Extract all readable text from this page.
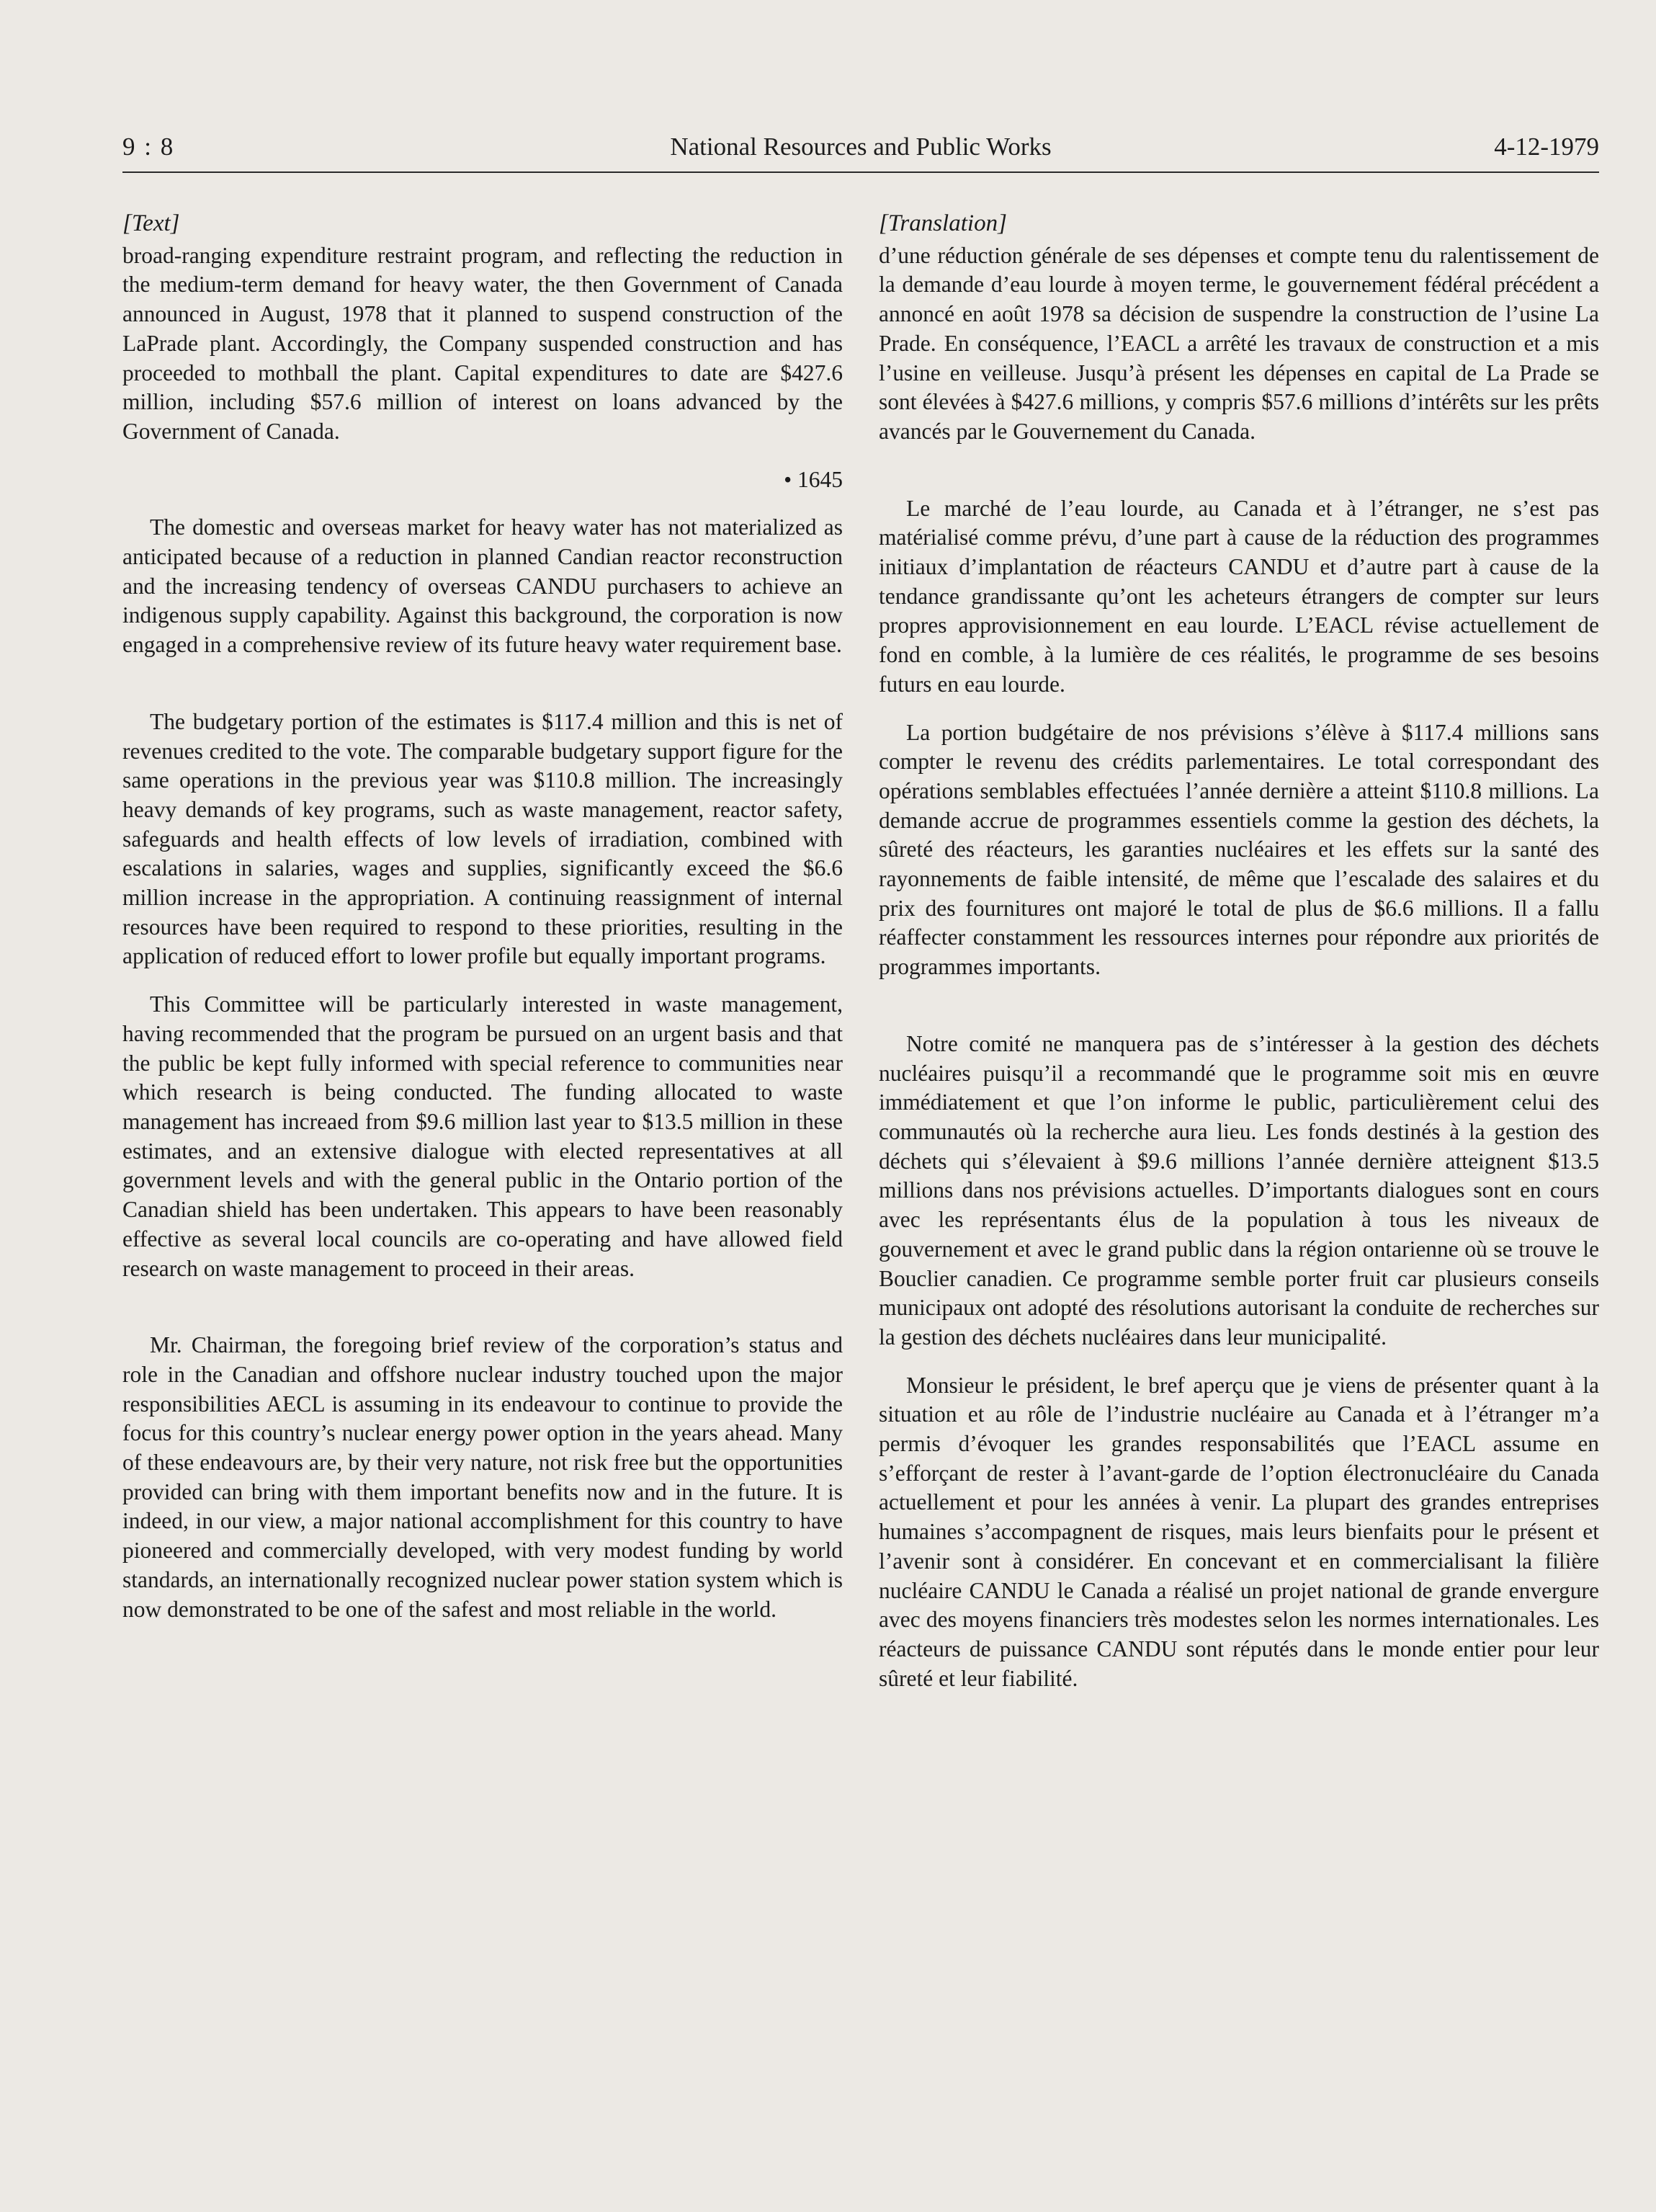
9 : 8	National Resources and Public Works	4-12-1979
[Text]

broad-ranging expenditure restraint program, and reflecting the reduction in the medium-term demand for heavy water, the then Government of Canada announced in August, 1978 that it planned to suspend construction of the LaPrade plant. Accordingly, the Company suspended construction and has proceeded to mothball the plant. Capital expenditures to date are $427.6 million, including $57.6 million of interest on loans advanced by the Government of Canada.

• 1645

The domestic and overseas market for heavy water has not materialized as anticipated because of a reduction in planned Candian reactor reconstruction and the increasing tendency of overseas CANDU purchasers to achieve an indigenous supply capability. Against this background, the corporation is now engaged in a comprehensive review of its future heavy water requirement base.

The budgetary portion of the estimates is $117.4 million and this is net of revenues credited to the vote. The comparable budgetary support figure for the same operations in the previous year was $110.8 million. The increasingly heavy demands of key programs, such as waste management, reactor safety, safeguards and health effects of low levels of irradiation, combined with escalations in salaries, wages and supplies, significantly exceed the $6.6 million increase in the appropriation. A continuing reassignment of internal resources have been required to respond to these priorities, resulting in the application of reduced effort to lower profile but equally important programs.

This Committee will be particularly interested in waste management, having recommended that the program be pursued on an urgent basis and that the public be kept fully informed with special reference to communities near which research is being conducted. The funding allocated to waste management has increaed from $9.6 million last year to $13.5 million in these estimates, and an extensive dialogue with elected representatives at all government levels and with the general public in the Ontario portion of the Canadian shield has been undertaken. This appears to have been reasonably effective as several local councils are co-operating and have allowed field research on waste management to proceed in their areas.

Mr. Chairman, the foregoing brief review of the corporation’s status and role in the Canadian and offshore nuclear industry touched upon the major responsibilities AECL is assuming in its endeavour to continue to provide the focus for this country’s nuclear energy power option in the years ahead. Many of these endeavours are, by their very nature, not risk free but the opportunities provided can bring with them important benefits now and in the future. It is indeed, in our view, a major national accomplishment for this country to have pioneered and commercially developed, with very modest funding by world standards, an internationally recognized nuclear power station system which is now demonstrated to be one of the safest and most reliable in the world.

[Translation]

d’une réduction générale de ses dépenses et compte tenu du ralentissement de la demande d’eau lourde à moyen terme, le gouvernement fédéral précédent a annoncé en août 1978 sa décision de suspendre la construction de l’usine La Prade. En conséquence, l’EACL a arrêté les travaux de construction et a mis l’usine en veilleuse. Jusqu’à présent les dépenses en capital de La Prade se sont élevées à $427.6 millions, y compris $57.6 millions d’intérêts sur les prêts avancés par le Gouvernement du Canada.

Le marché de l’eau lourde, au Canada et à l’étranger, ne s’est pas matérialisé comme prévu, d’une part à cause de la réduction des programmes initiaux d’implantation de réacteurs CANDU et d’autre part à cause de la tendance grandissante qu’ont les acheteurs étrangers de compter sur leurs propres approvisionnement en eau lourde. L’EACL révise actuellement de fond en comble, à la lumière de ces réalités, le programme de ses besoins futurs en eau lourde.

La portion budgétaire de nos prévisions s’élève à $117.4 millions sans compter le revenu des crédits parlementaires. Le total correspondant des opérations semblables effectuées l’année dernière a atteint $110.8 millions. La demande accrue de programmes essentiels comme la gestion des déchets, la sûreté des réacteurs, les garanties nucléaires et les effets sur la santé des rayonnements de faible intensité, de même que l’escalade des salaires et du prix des fournitures ont majoré le total de plus de $6.6 millions. Il a fallu réaffecter constamment les ressources internes pour répondre aux priorités de programmes importants.

Notre comité ne manquera pas de s’intéresser à la gestion des déchets nucléaires puisqu’il a recommandé que le programme soit mis en œuvre immédiatement et que l’on informe le public, particulièrement celui des communautés où la recherche aura lieu. Les fonds destinés à la gestion des déchets qui s’élevaient à $9.6 millions l’année dernière atteignent $13.5 millions dans nos prévisions actuelles. D’importants dialogues sont en cours avec les représentants élus de la population à tous les niveaux de gouvernement et avec le grand public dans la région ontarienne où se trouve le Bouclier canadien. Ce programme semble porter fruit car plusieurs conseils municipaux ont adopté des résolutions autorisant la conduite de recherches sur la gestion des déchets nucléaires dans leur municipalité.

Monsieur le président, le bref aperçu que je viens de présenter quant à la situation et au rôle de l’industrie nucléaire au Canada et à l’étranger m’a permis d’évoquer les grandes responsabilités que l’EACL assume en s’efforçant de rester à l’avant-garde de l’option électronucléaire du Canada actuellement et pour les années à venir. La plupart des grandes entreprises humaines s’accompagnent de risques, mais leurs bienfaits pour le présent et l’avenir sont à considérer. En concevant et en commercialisant la filière nucléaire CANDU le Canada a réalisé un projet national de grande envergure avec des moyens financiers très modestes selon les normes internationales. Les réacteurs de puissance CANDU sont réputés dans le monde entier pour leur sûreté et leur fiabilité.
